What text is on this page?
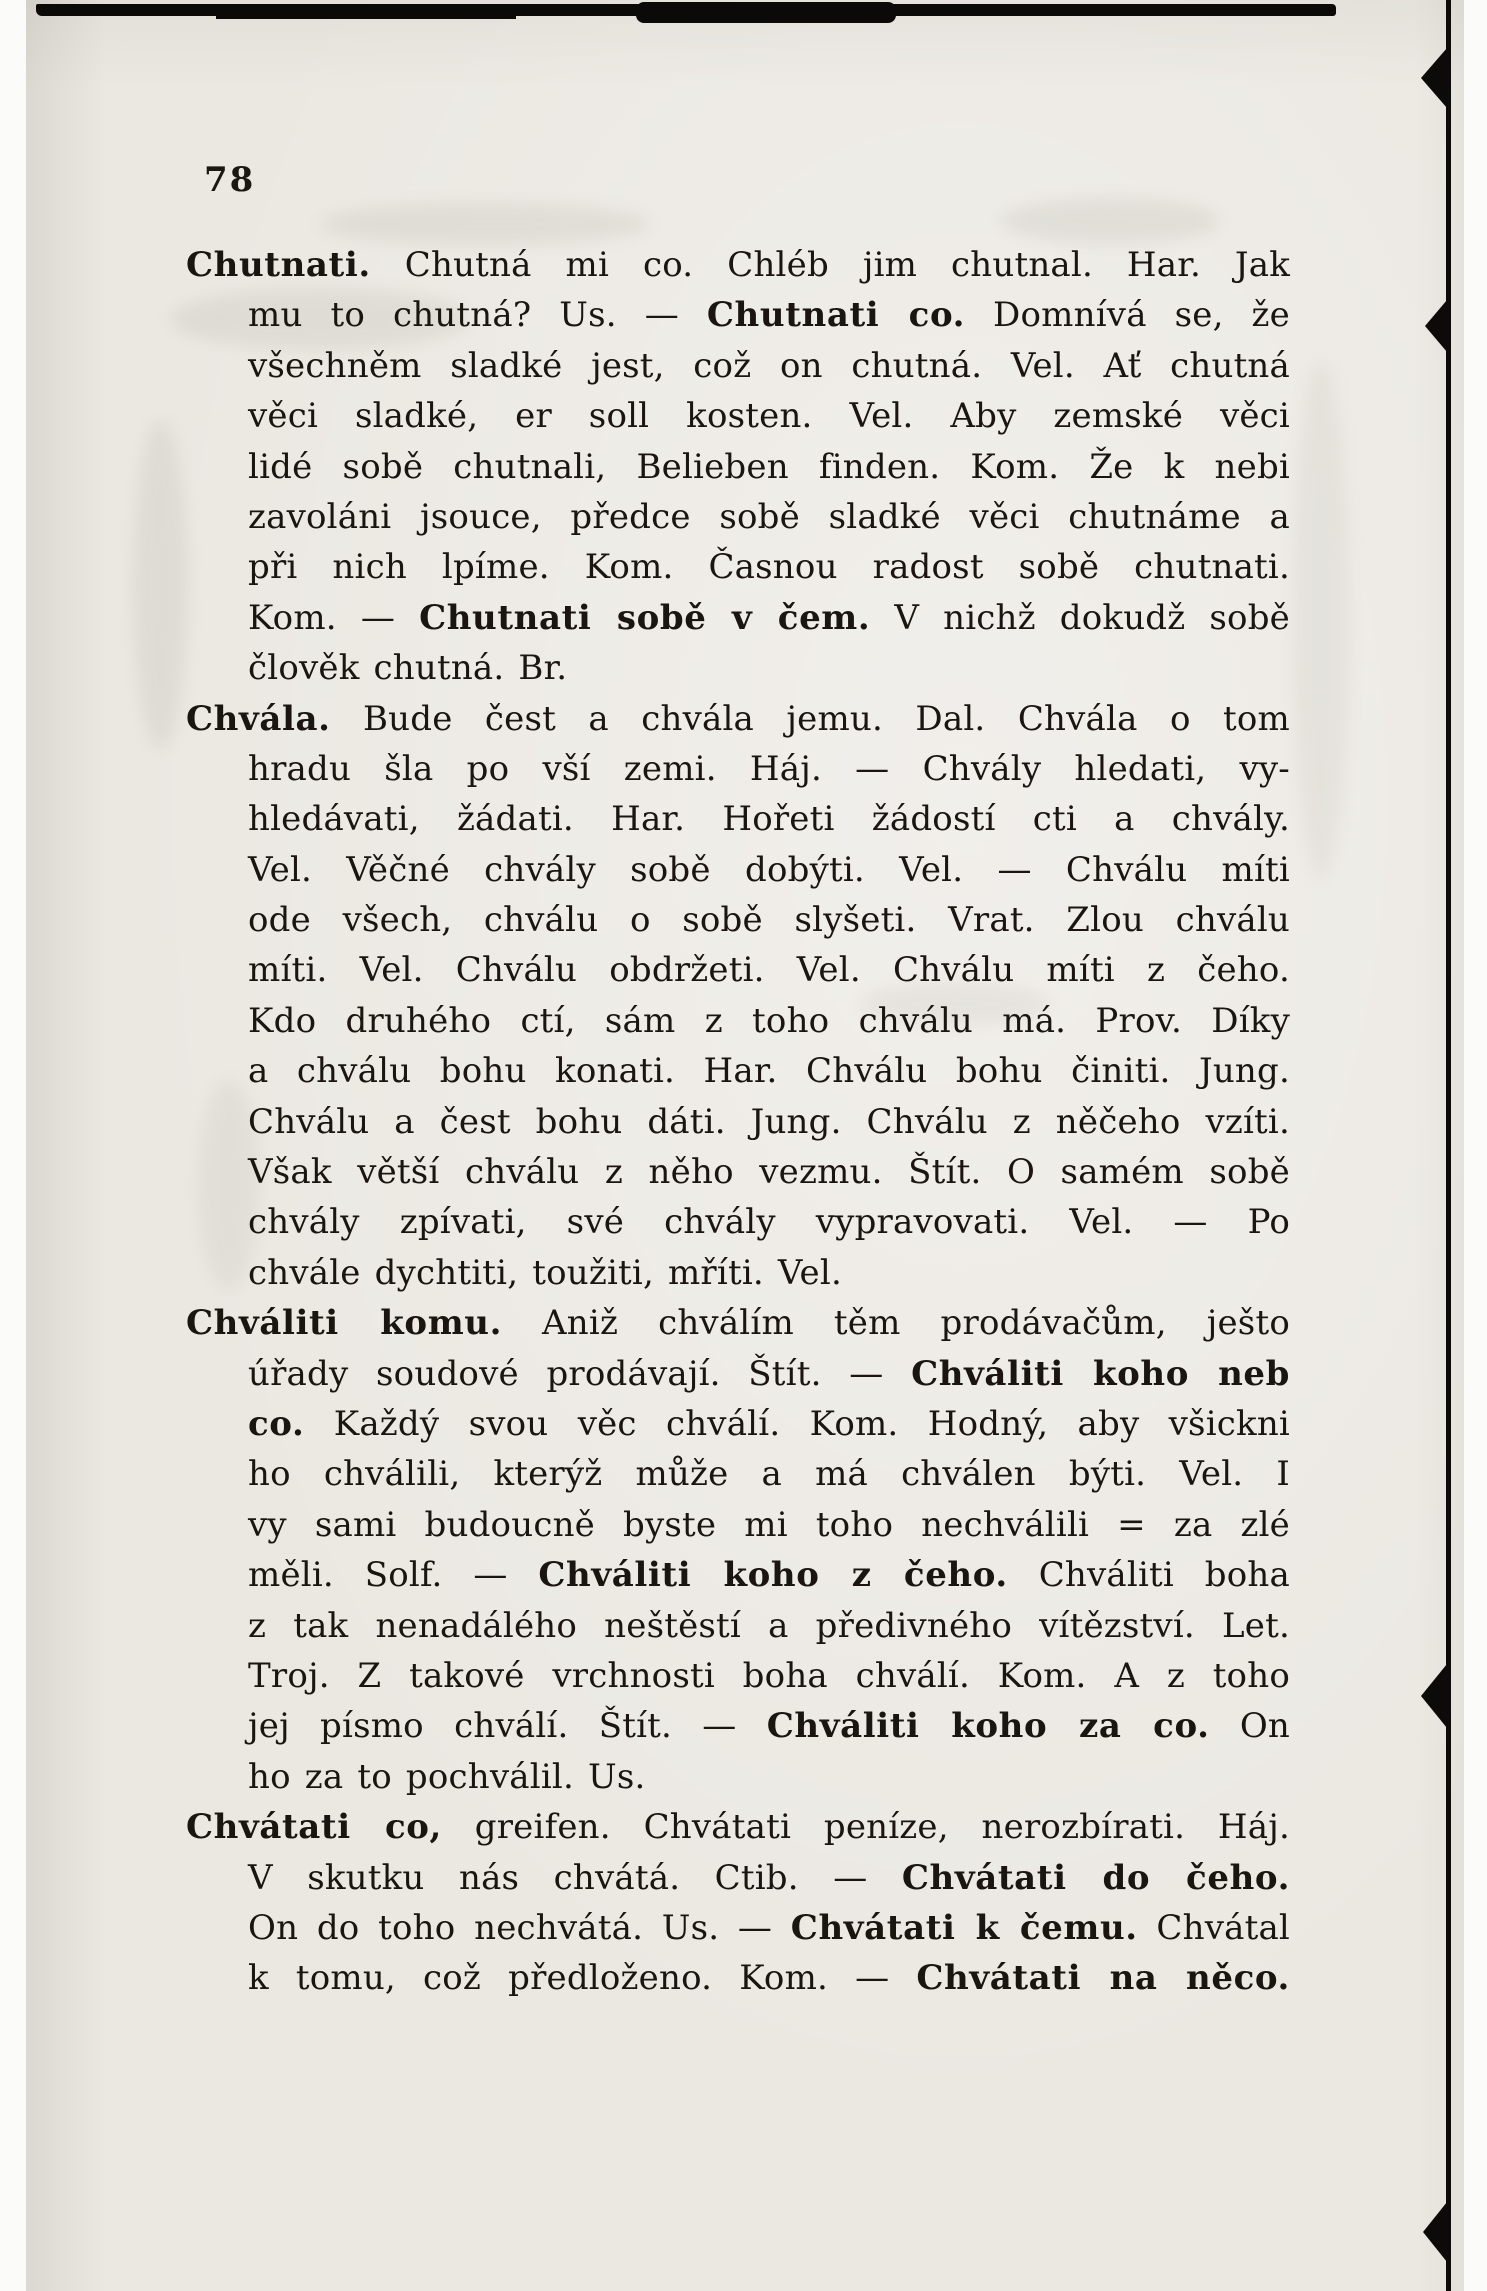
78
Chutnati. Chutná mi co. Chléb jim chutnal. Har. Jak
mu to chutná? Us. — Chutnati co. Domnívá se, že
všechněm sladké jest, což on chutná. Vel. Ať chutná
věci sladké, er soll kosten. Vel. Aby zemské věci
lidé sobě chutnali, Belieben finden. Kom. Že k nebi
zavoláni jsouce, předce sobě sladké věci chutnáme a
při nich lpíme. Kom. Časnou radost sobě chutnati.
Kom. — Chutnati sobě v čem. V nichž dokudž sobě
člověk chutná. Br.
Chvála. Bude čest a chvála jemu. Dal. Chvála o tom
hradu šla po vší zemi. Háj. — Chvály hledati, vy-
hledávati, žádati. Har. Hořeti žádostí cti a chvály.
Vel. Věčné chvály sobě dobýti. Vel. — Chválu míti
ode všech, chválu o sobě slyšeti. Vrat. Zlou chválu
míti. Vel. Chválu obdržeti. Vel. Chválu míti z čeho.
Kdo druhého ctí, sám z toho chválu má. Prov. Díky
a chválu bohu konati. Har. Chválu bohu činiti. Jung.
Chválu a čest bohu dáti. Jung. Chválu z něčeho vzíti.
Však větší chválu z něho vezmu. Štít. O samém sobě
chvály zpívati, své chvály vypravovati. Vel. — Po
chvále dychtiti, toužiti, mříti. Vel.
Chváliti komu. Aniž chválím těm prodávačům, ješto
úřady soudové prodávají. Štít. — Chváliti koho neb
co. Každý svou věc chválí. Kom. Hodný, aby všickni
ho chválili, kterýž může a má chválen býti. Vel. I
vy sami budoucně byste mi toho nechválili = za zlé
měli. Solf. — Chváliti koho z čeho. Chváliti boha
z tak nenadálého neštěstí a předivného vítězství. Let.
Troj. Z takové vrchnosti boha chválí. Kom. A z toho
jej písmo chválí. Štít. — Chváliti koho za co. On
ho za to pochválil. Us.
Chvátati co, greifen. Chvátati peníze, nerozbírati. Háj.
V skutku nás chvátá. Ctib. — Chvátati do čeho.
On do toho nechvátá. Us. — Chvátati k čemu. Chvátal
k tomu, což předloženo. Kom. — Chvátati na něco.
